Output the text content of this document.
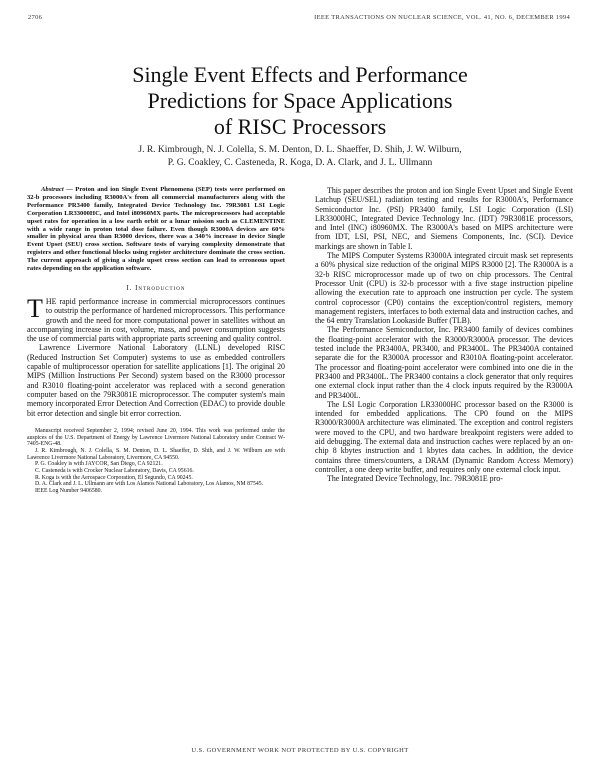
2706	IEEE TRANSACTIONS ON NUCLEAR SCIENCE, VOL. 41, NO. 6, DECEMBER 1994
Single Event Effects and Performance
Predictions for Space Applications
of RISC Processors
J. R. Kimbrough, N. J. Colella, S. M. Denton, D. L. Shaeffer, D. Shih, J. W. Wilburn,
P. G. Coakley, C. Casteneda, R. Koga, D. A. Clark, and J. L. Ullmann

Abstract — Proton and ion Single Event Phenomena (SEP) tests were performed on 32-b processors including R3000A's from all commercial manufacturers along with the Performance PR3400 family, Integrated Device Technology Inc. 79R3081 LSI Logic Corporation LR33000HC, and Intel i80960MX parts. The microprocessors had acceptable upset rates for operation in a low earth orbit or a lunar mission such as CLEMENTINE with a wide range in proton total dose failure. Even though R3000A devices are 60% smaller in physical area than R3000 devices, there was a 340% increase in device Single Event Upset (SEU) cross section. Software tests of varying complexity demonstrate that registers and other functional blocks using register architecture dominate the cross section. The current approach of giving a single upset cross section can lead to erroneous upset rates depending on the application software.

I. Introduction

THE rapid performance increase in commercial microprocessors continues to outstrip the performance of hardened microprocessors. This performance growth and the need for more computational power in satellites without an accompanying increase in cost, volume, mass, and power consumption suggests the use of commercial parts with appropriate parts screening and quality control.

Lawrence Livermore National Laboratory (LLNL) developed RISC (Reduced Instruction Set Computer) systems to use as embedded controllers capable of multiprocessor operation for satellite applications [1]. The original 20 MIPS (Million Instructions Per Second) system based on the R3000 processor and R3010 floating-point accelerator was replaced with a second generation computer based on the 79R3081E microprocessor. The computer system's main memory incorporated Error Detection And Correction (EDAC) to provide double bit error detection and single bit error correction.

Manuscript received September 2, 1994; revised June 20, 1994. This work was performed under the auspices of the U.S. Department of Energy by Lawrence Livermore National Laboratory under Contract W-7405-ENG-48.

J. R. Kimbrough, N. J. Colella, S. M. Denton, D. L. Shaeffer, D. Shih, and J. W. Wilburn are with Lawrence Livermore National Laboratory, Livermore, CA 94550.

P. G. Coakley is with JAYCOR, San Diego, CA 92121.

C. Casteneda is with Crocker Nuclear Laboratory, Davis, CA 95616.

R. Koga is with the Aerospace Corporation, El Segundo, CA 90245.

D. A. Clark and J. L. Ullmann are with Los Alamos National Laboratory, Los Alamos, NM 87545.

IEEE Log Number 9406580.

This paper describes the proton and ion Single Event Upset and Single Event Latchup (SEU/SEL) radiation testing and results for R3000A's, Performance Semiconductor Inc. (PSI) PR3400 family, LSI Logic Corporation (LSI) LR33000HC, Integrated Device Technology Inc. (IDT) 79R3081E processors, and Intel (INC) i80960MX. The R3000A's based on MIPS architecture were from IDT, LSI, PSI, NEC, and Siemens Components, Inc. (SCI). Device markings are shown in Table I.

The MIPS Computer Systems R3000A integrated circuit mask set represents a 60% physical size reduction of the original MIPS R3000 [2]. The R3000A is a 32-b RISC microprocessor made up of two on chip processors. The Central Processor Unit (CPU) is 32-b processor with a five stage instruction pipeline allowing the execution rate to approach one instruction per cycle. The system control coprocessor (CP0) contains the exception/control registers, memory management registers, interfaces to both external data and instruction caches, and the 64 entry Translation Lookaside Buffer (TLB).

The Performance Semiconductor, Inc. PR3400 family of devices combines the floating-point accelerator with the R3000/R3000A processor. The devices tested include the PR3400A, PR3400, and PR3400L. The PR3400A contained separate die for the R3000A processor and R3010A floating-point accelerator. The processor and floating-point accelerator were combined into one die in the PR3400 and PR3400L. The PR3400 contains a clock generator that only requires one external clock input rather than the 4 clock inputs required by the R3000A and PR3400L.

The LSI Logic Corporation LR33000HC processor based on the R3000 is intended for embedded applications. The CP0 found on the MIPS R3000/R3000A architecture was eliminated. The exception and control registers were moved to the CPU, and two hardware breakpoint registers were added to aid debugging. The external data and instruction caches were replaced by an on-chip 8 kbytes instruction and 1 kbytes data caches. In addition, the device contains three timers/counters, a DRAM (Dynamic Random Access Memory) controller, a one deep write buffer, and requires only one external clock input.

The Integrated Device Technology, Inc. 79R3081E pro-

U.S. GOVERNMENT WORK NOT PROTECTED BY U.S. COPYRIGHT
